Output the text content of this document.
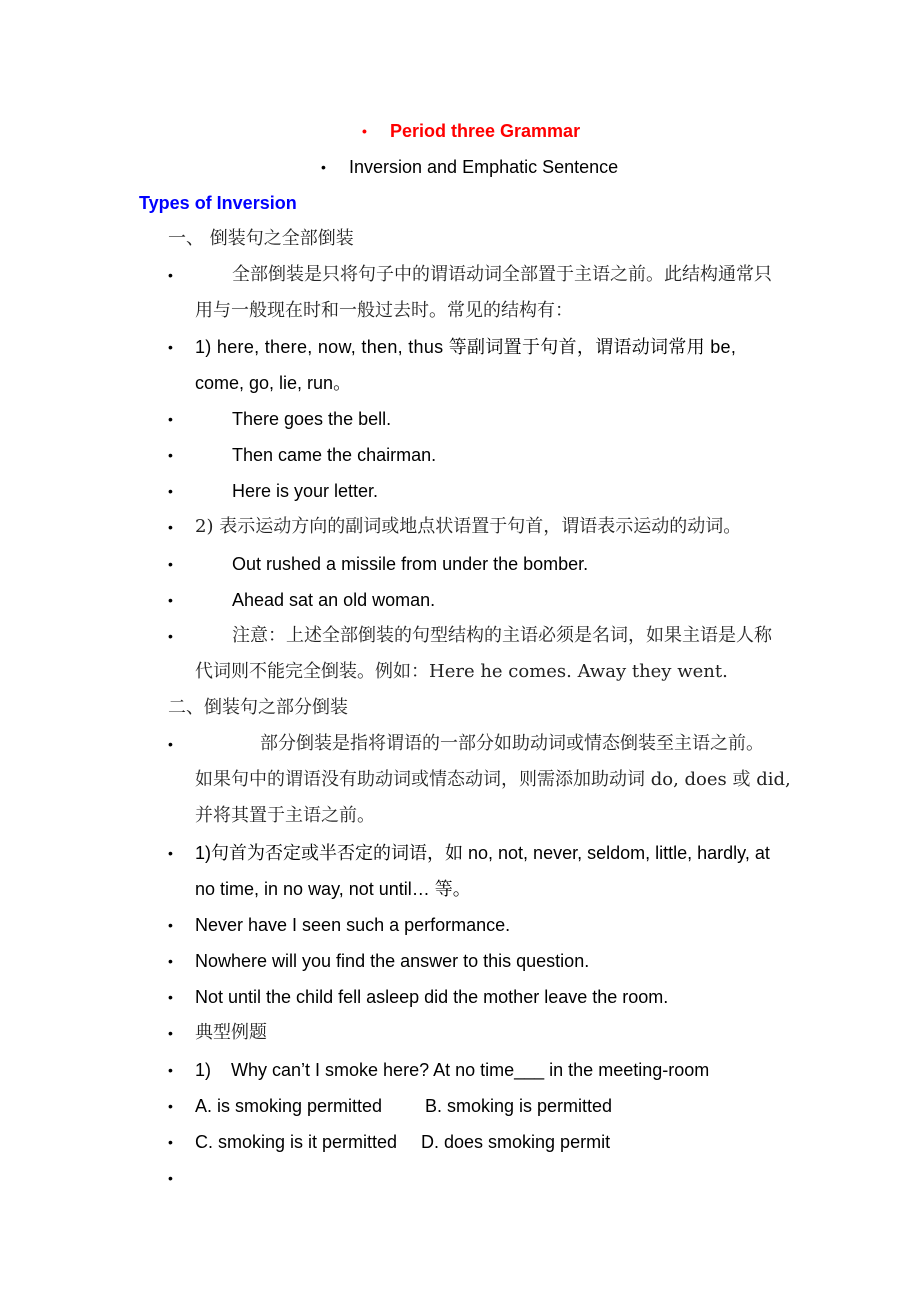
• Period three Grammar
• Inversion and Emphatic Sentence
Types of Inversion
一、 倒装句之全部倒装
•	全部倒装是只将句子中的谓语动词全部置于主语之前。此结构通常只
用与一般现在时和一般过去时。常见的结构有：
• 1) here, there, now, then, thus 等副词置于句首，谓语动词常用 be,
come, go, lie, run。
•	There goes the bell.
•	Then came the chairman.
•	Here is your letter.
• 2) 表示运动方向的副词或地点状语置于句首，谓语表示运动的动词。
•	Out rushed a missile from under the bomber.
•	Ahead sat an old woman.
•	注意：上述全部倒装的句型结构的主语必须是名词，如果主语是人称
代词则不能完全倒装。例如：Here he comes. Away they went.
二、倒装句之部分倒装
•	部分倒装是指将谓语的一部分如助动词或情态倒装至主语之前。
如果句中的谓语没有助动词或情态动词，则需添加助动词 do, does 或 did,
并将其置于主语之前。
• 1)句首为否定或半否定的词语，如 no, not, never, seldom, little, hardly, at
no time, in no way, not until… 等。
• Never have I seen such a performance.
• Nowhere will you find the answer to this question.
• Not until the child fell asleep did the mother leave the room.
• 典型例题
• 1)    Why can’t I smoke here? At no time___ in the meeting-room
• A. is smoking permitted B. smoking is permitted
• C. smoking is it permitted D. does smoking permit
•
